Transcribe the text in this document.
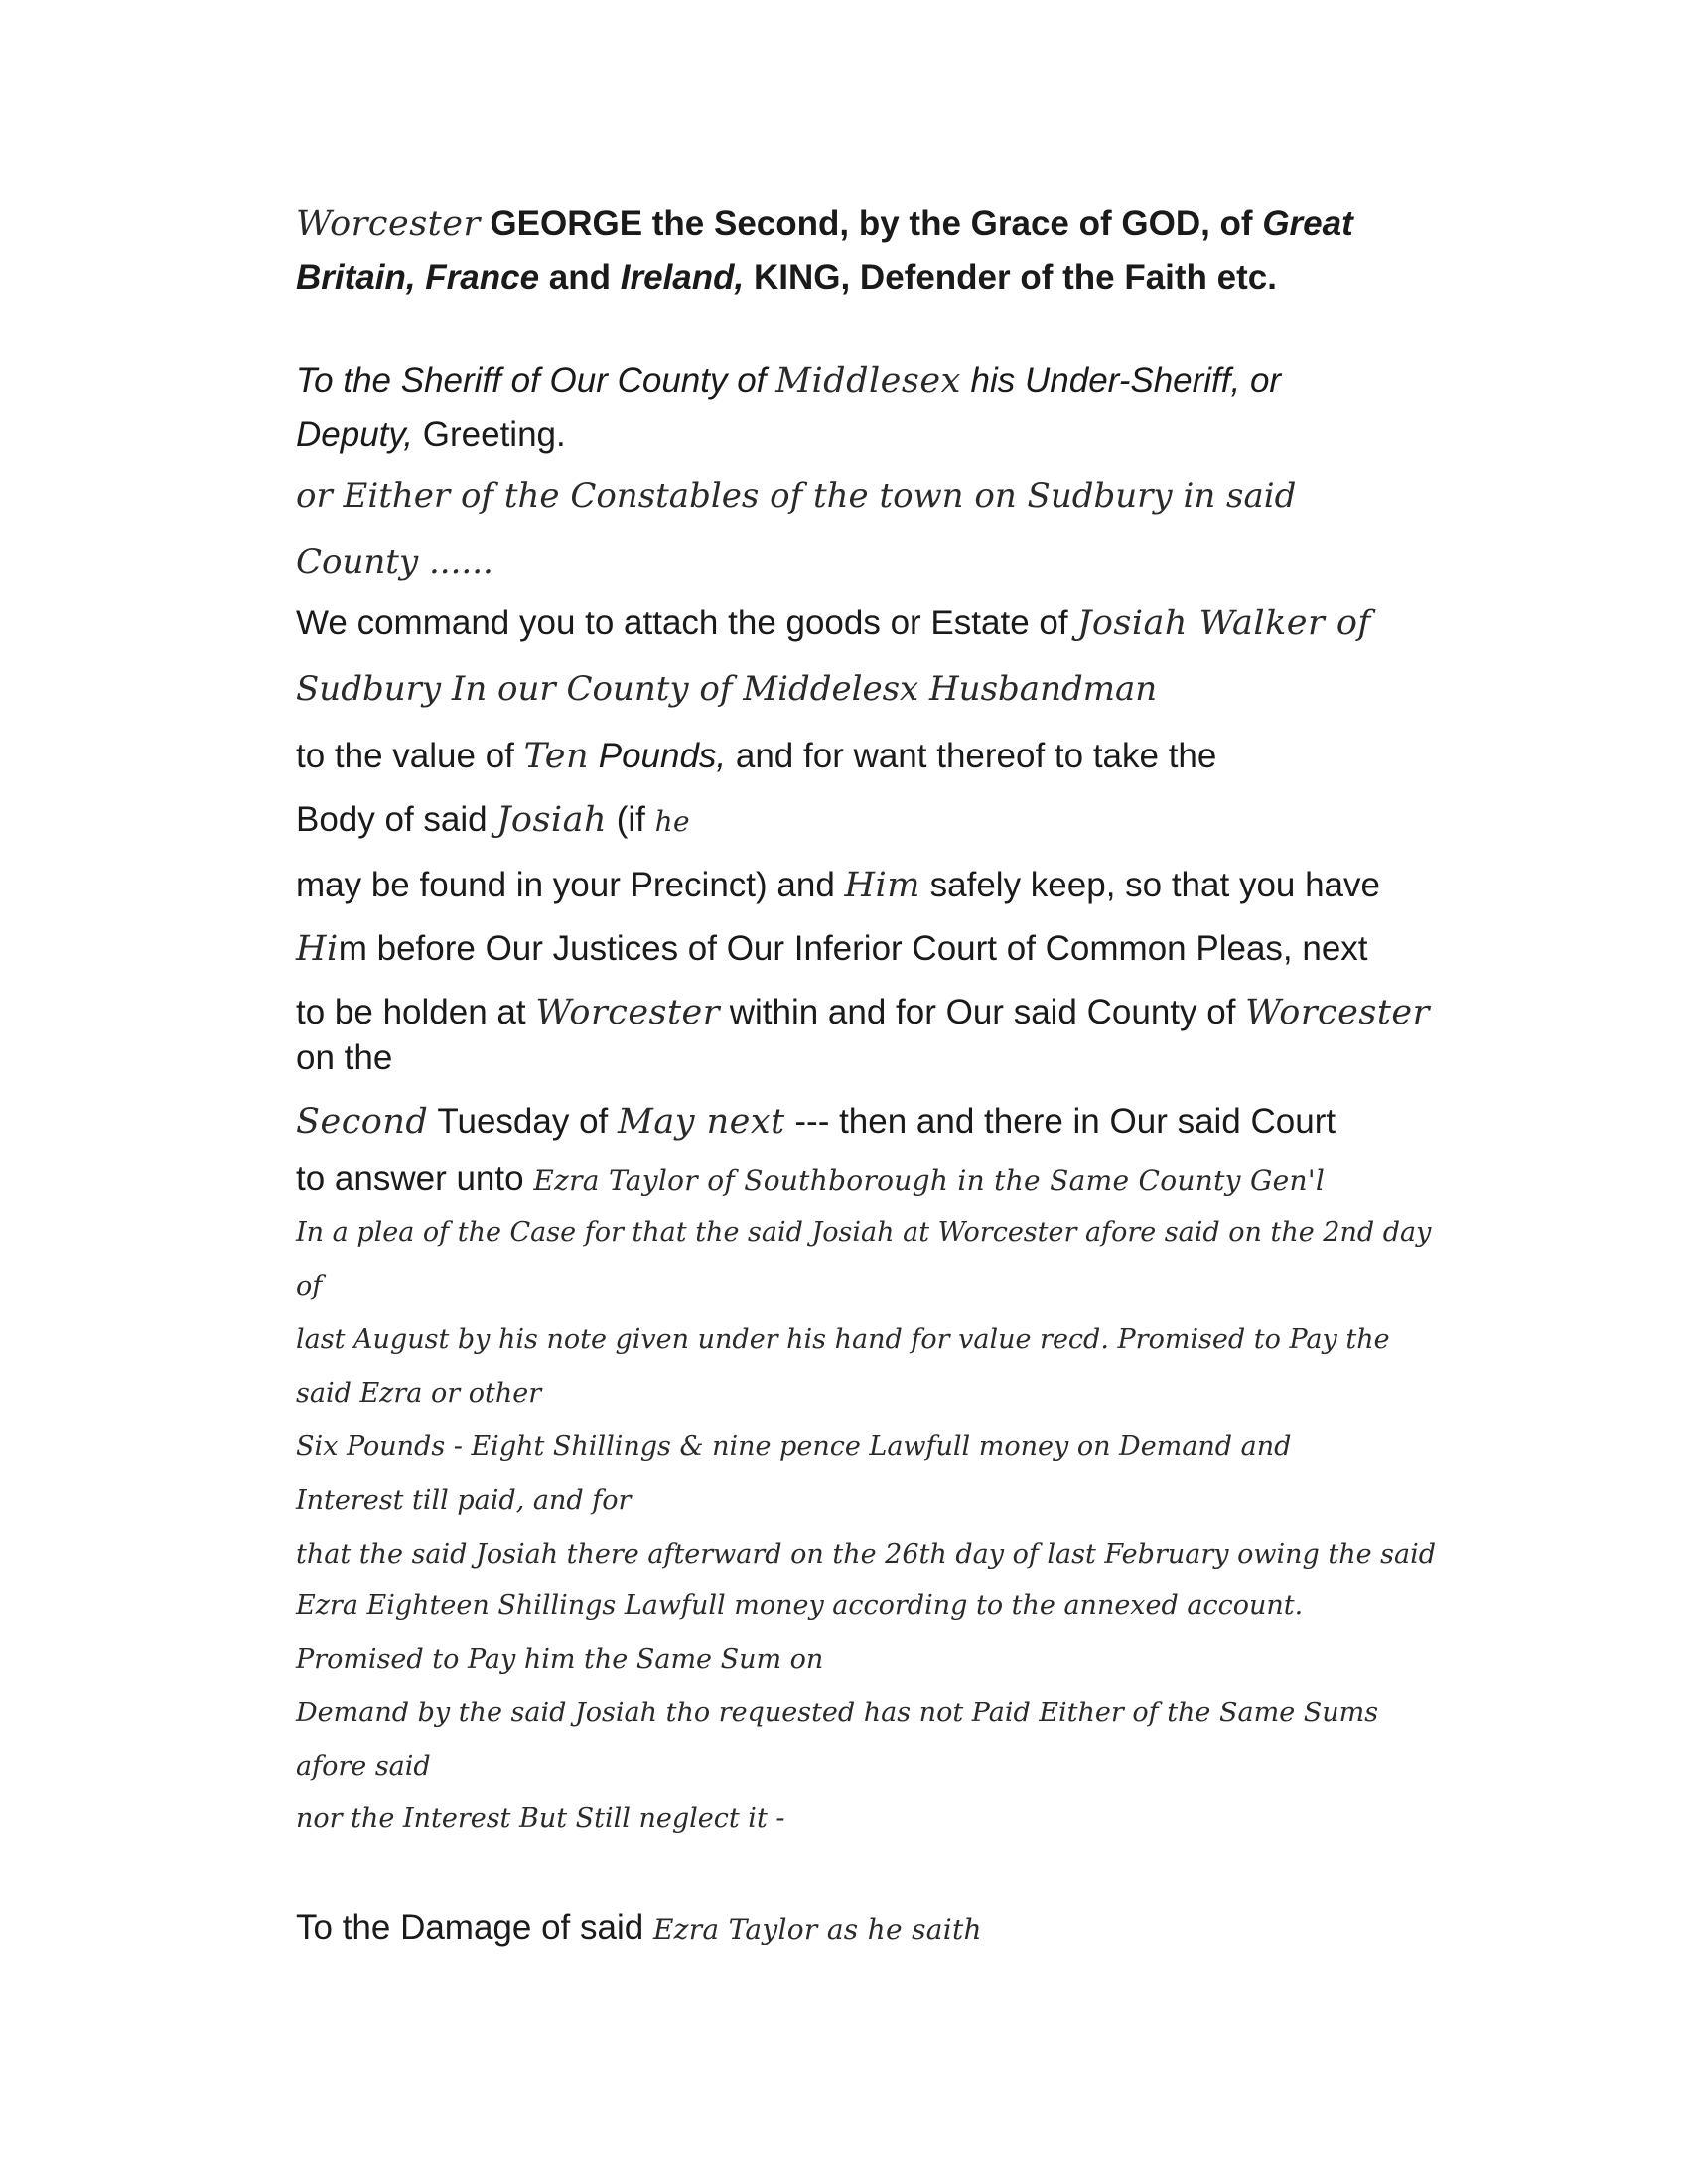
Worcester GEORGE the Second, by the Grace of GOD, of Great
Britain, France and Ireland, KING, Defender of the Faith etc.
To the Sheriff of Our County of Middlesex his Under-Sheriff, or
Deputy, Greeting.
or Either of the Constables of the town on Sudbury in said
County ......
We command you to attach the goods or Estate of Josiah Walker of
Sudbury In our County of Middelesx Husbandman
to the value of Ten Pounds, and for want thereof to take the
Body of said Josiah (if he
may be found in your Precinct) and Him safely keep, so that you have
Him before Our Justices of Our Inferior Court of Common Pleas, next
to be holden at Worcester within and for Our said County of Worcester
on the
Second Tuesday of May next --- then and there in Our said Court
to answer unto Ezra Taylor of Southborough in the Same County Gen'l
In a plea of the Case for that the said Josiah at Worcester afore said on the 2nd day
of
last August by his note given under his hand for value recd. Promised to Pay the
said Ezra or other
Six Pounds - Eight Shillings & nine pence Lawfull money on Demand and
Interest till paid, and for
that the said Josiah there afterward on the 26th day of last February owing the said
Ezra Eighteen Shillings Lawfull money according to the annexed account.
Promised to Pay him the Same Sum on
Demand by the said Josiah tho requested has not Paid Either of the Same Sums
afore said
nor the Interest But Still neglect it -
To the Damage of said Ezra Taylor as he saith
